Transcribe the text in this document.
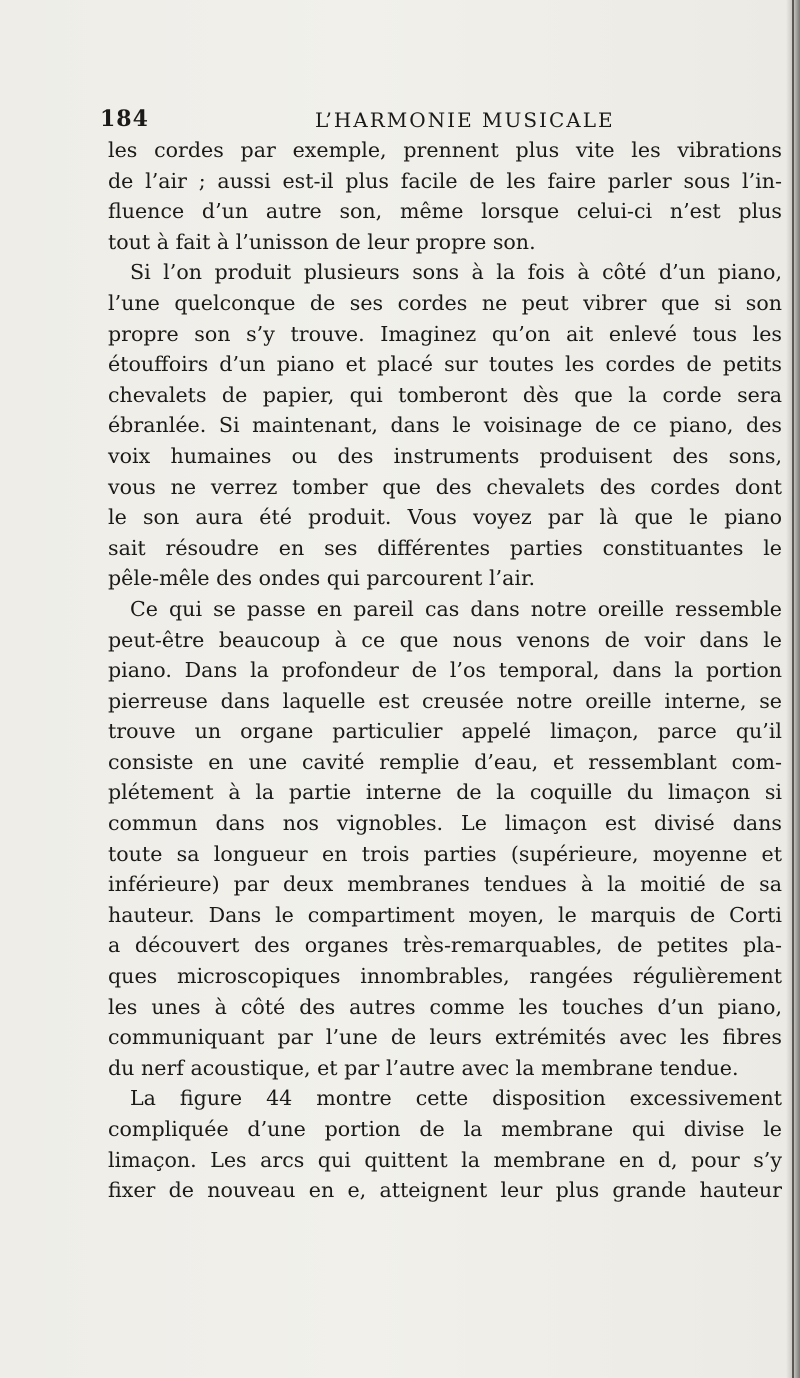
184	L’HARMONIE MUSICALE
les cordes par exemple, prennent plus vite les vibrations
de l’air ; aussi est-il plus facile de les faire parler sous l’in-
fluence d’un autre son, même lorsque celui-ci n’est plus
tout à fait à l’unisson de leur propre son.
Si l’on produit plusieurs sons à la fois à côté d’un piano,
l’une quelconque de ses cordes ne peut vibrer que si son
propre son s’y trouve. Imaginez qu’on ait enlevé tous les
étouffoirs d’un piano et placé sur toutes les cordes de petits
chevalets de papier, qui tomberont dès que la corde sera
ébranlée. Si maintenant, dans le voisinage de ce piano, des
voix humaines ou des instruments produisent des sons,
vous ne verrez tomber que des chevalets des cordes dont
le son aura été produit. Vous voyez par là que le piano
sait résoudre en ses différentes parties constituantes le
pêle-mêle des ondes qui parcourent l’air.
Ce qui se passe en pareil cas dans notre oreille ressemble
peut-être beaucoup à ce que nous venons de voir dans le
piano. Dans la profondeur de l’os temporal, dans la portion
pierreuse dans laquelle est creusée notre oreille interne, se
trouve un organe particulier appelé limaçon, parce qu’il
consiste en une cavité remplie d’eau, et ressemblant com-
plétement à la partie interne de la coquille du limaçon si
commun dans nos vignobles. Le limaçon est divisé dans
toute sa longueur en trois parties (supérieure, moyenne et
inférieure) par deux membranes tendues à la moitié de sa
hauteur. Dans le compartiment moyen, le marquis de Corti
a découvert des organes très-remarquables, de petites pla-
ques microscopiques innombrables, rangées régulièrement
les unes à côté des autres comme les touches d’un piano,
communiquant par l’une de leurs extrémités avec les fibres
du nerf acoustique, et par l’autre avec la membrane tendue.
La figure 44 montre cette disposition excessivement
compliquée d’une portion de la membrane qui divise le
limaçon. Les arcs qui quittent la membrane en d, pour s’y
fixer de nouveau en e, atteignent leur plus grande hauteur
